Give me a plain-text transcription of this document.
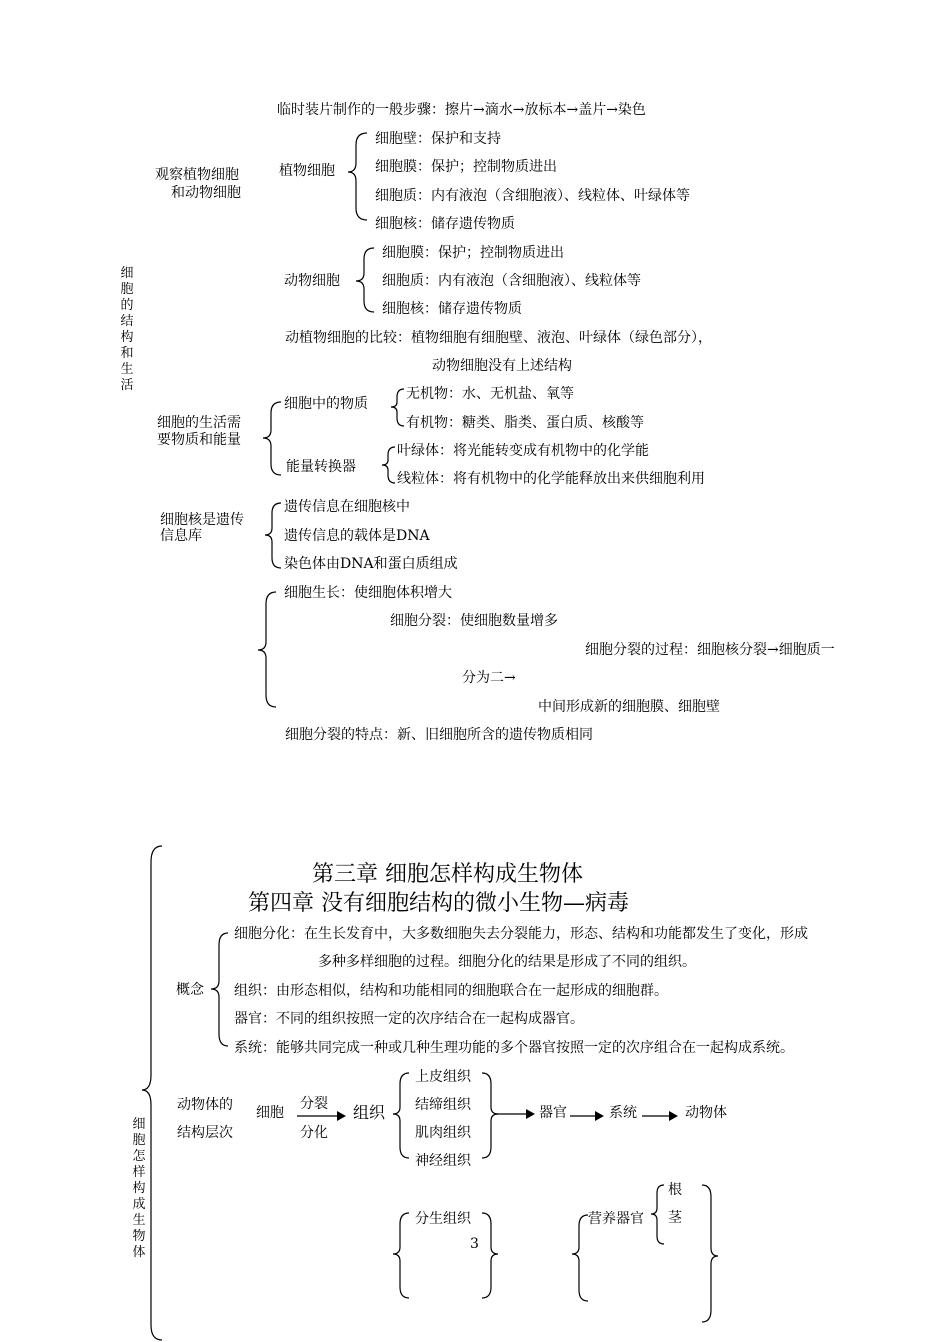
细胞的结构和生活
临时装片制作的一般步骤：擦片→滴水→放标本→盖片→染色
观察植物细胞
和动物细胞
植物细胞
细胞壁：保护和支持
细胞膜：保护；控制物质进出
细胞质：内有液泡（含细胞液）、线粒体、叶绿体等
细胞核：储存遗传物质
动物细胞
细胞膜：保护；控制物质进出
细胞质：内有液泡（含细胞液）、线粒体等
细胞核：储存遗传物质
动植物细胞的比较：植物细胞有细胞壁、液泡、叶绿体（绿色部分），
动物细胞没有上述结构
细胞的生活需
要物质和能量
细胞中的物质
无机物：水、无机盐、氧等
有机物：糖类、脂类、蛋白质、核酸等
能量转换器
叶绿体：将光能转变成有机物中的化学能
线粒体：将有机物中的化学能释放出来供细胞利用
细胞核是遗传
信息库
遗传信息在细胞核中
遗传信息的载体是DNA
染色体由DNA和蛋白质组成
细胞生长：使细胞体积增大
细胞分裂：使细胞数量增多
细胞分裂的过程：细胞核分裂→细胞质一
分为二→
中间形成新的细胞膜、细胞壁
细胞分裂的特点：新、旧细胞所含的遗传物质相同
细胞怎样构成生物体
第三章 细胞怎样构成生物体
第四章 没有细胞结构的微小生物—病毒
概念
细胞分化：在生长发育中，大多数细胞失去分裂能力，形态、结构和功能都发生了变化，形成
多种多样细胞的过程。细胞分化的结果是形成了不同的组织。
组织：由形态相似，结构和功能相同的细胞联合在一起形成的细胞群。
器官：不同的组织按照一定的次序结合在一起构成器官。
系统：能够共同完成一种或几种生理功能的多个器官按照一定的次序组合在一起构成系统。
动物体的
结构层次
细胞
分裂
分化
组织
上皮组织
结缔组织
肌肉组织
神经组织
器官	系统	动物体
分生组织
3
营养器官
根
茎
